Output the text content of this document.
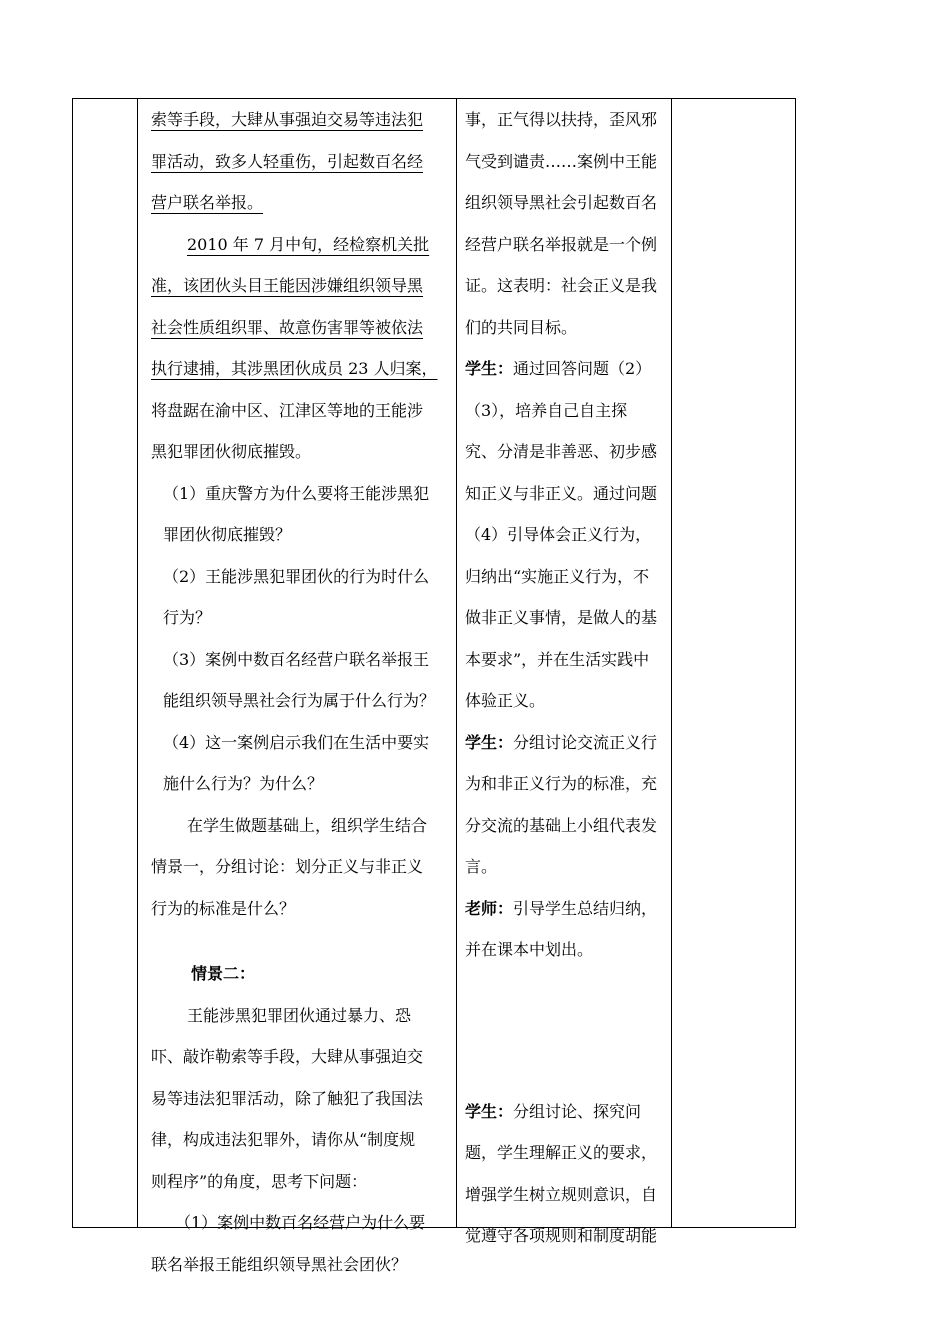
索等手段，大肆从事强迫交易等违法犯

罪活动，致多人轻重伤，引起数百名经

营户联名举报。

2010 年 7 月中旬，经检察机关批

准，该团伙头目王能因涉嫌组织领导黑

社会性质组织罪、故意伤害罪等被依法

执行逮捕，其涉黑团伙成员 23 人归案，

将盘踞在渝中区、江津区等地的王能涉

黑犯罪团伙彻底摧毁。

（1）重庆警方为什么要将王能涉黑犯

罪团伙彻底摧毁？

（2）王能涉黑犯罪团伙的行为时什么

行为？

（3）案例中数百名经营户联名举报王

能组织领导黑社会行为属于什么行为？

（4）这一案例启示我们在生活中要实

施什么行为？为什么？

在学生做题基础上，组织学生结合

情景一，分组讨论：划分正义与非正义

行为的标准是什么？

情景二：

王能涉黑犯罪团伙通过暴力、恐

吓、敲诈勒索等手段，大肆从事强迫交

易等违法犯罪活动，除了触犯了我国法

律，构成违法犯罪外，请你从“制度规

则程序”的角度，思考下问题：

（1）案例中数百名经营户为什么要

联名举报王能组织领导黑社会团伙？

事，正气得以扶持，歪风邪

气受到谴责……案例中王能

组织领导黑社会引起数百名

经营户联名举报就是一个例

证。这表明：社会正义是我

们的共同目标。

学生：通过回答问题（2）

（3），培养自己自主探

究、分清是非善恶、初步感

知正义与非正义。通过问题

（4）引导体会正义行为，

归纳出“实施正义行为，不

做非正义事情，是做人的基

本要求”，并在生活实践中

体验正义。

学生：分组讨论交流正义行

为和非正义行为的标准，充

分交流的基础上小组代表发

言。

老师：引导学生总结归纳，

并在课本中划出。

学生：分组讨论、探究问

题，学生理解正义的要求，

增强学生树立规则意识，自

觉遵守各项规则和制度胡能
